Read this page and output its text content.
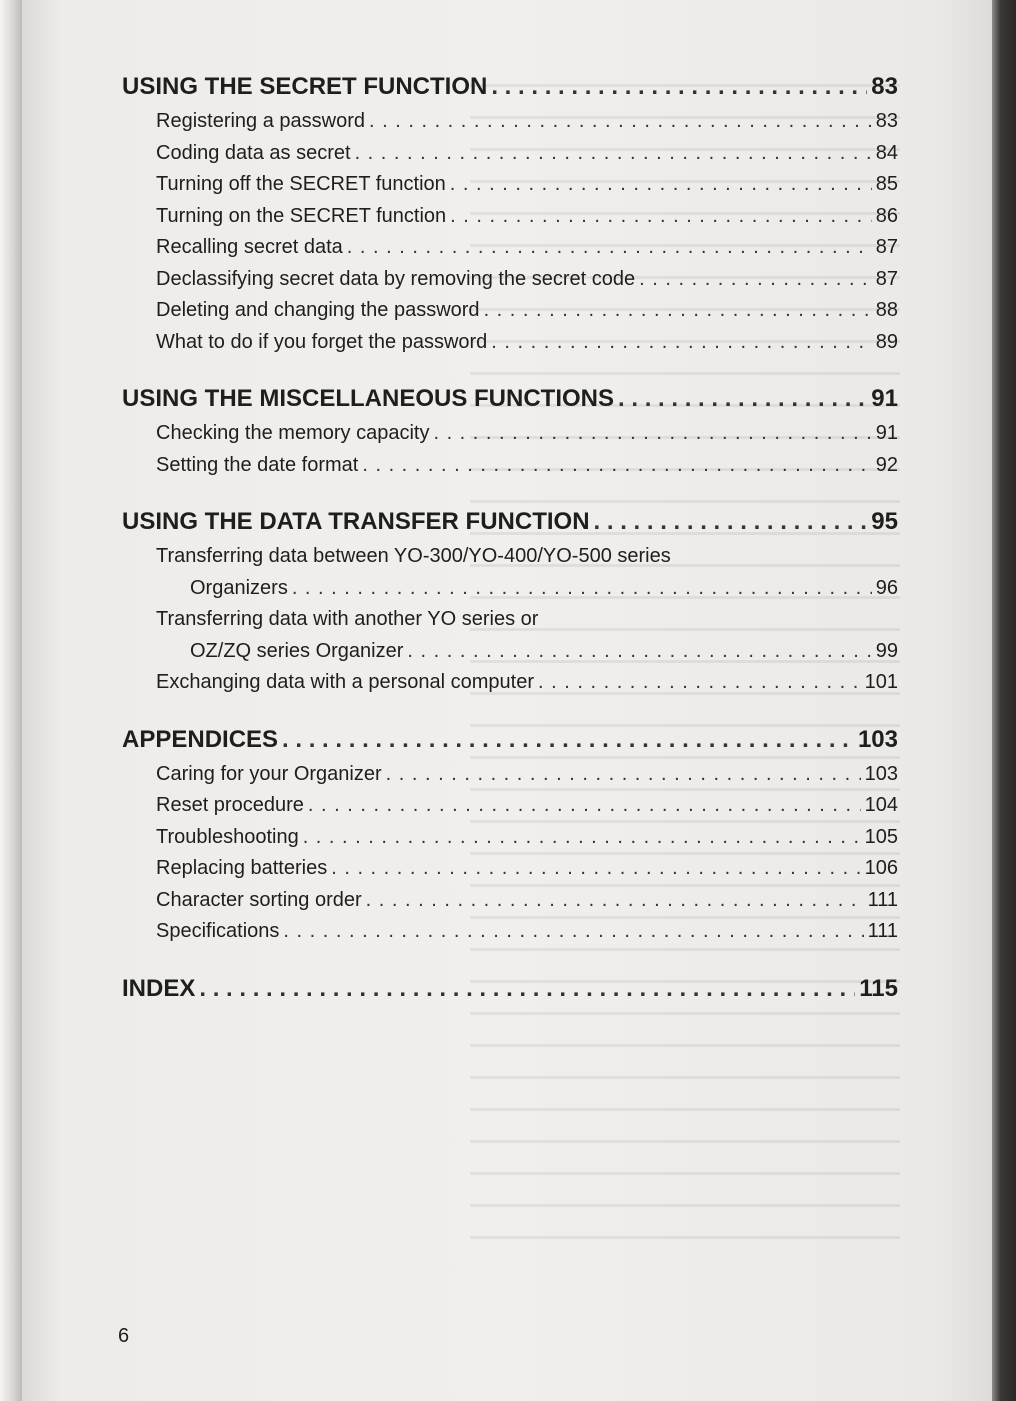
USING THE SECRET FUNCTION . . .	83
Registering a password . . .	83
Coding data as secret . . .	84
Turning off the SECRET function . . .	85
Turning on the SECRET function . . .	86
Recalling secret data . . .	87
Declassifying secret data by removing the secret code . . .	87
Deleting and changing the password . . .	88
What to do if you forget the password . . .	89
USING THE MISCELLANEOUS FUNCTIONS . . .	91
Checking the memory capacity . . .	91
Setting the date format . . .	92
USING THE DATA TRANSFER FUNCTION . . .	95
Transferring data between YO-300/YO-400/YO-500 series
Organizers . . .	96
Transferring data with another YO series or
OZ/ZQ series Organizer . . .	99
Exchanging data with a personal computer . . .	101
APPENDICES . . .	103
Caring for your Organizer . . .	103
Reset procedure . . .	104
Troubleshooting . . .	105
Replacing batteries . . .	106
Character sorting order . . .	111
Specifications . . .	111
INDEX . . .	115
6
